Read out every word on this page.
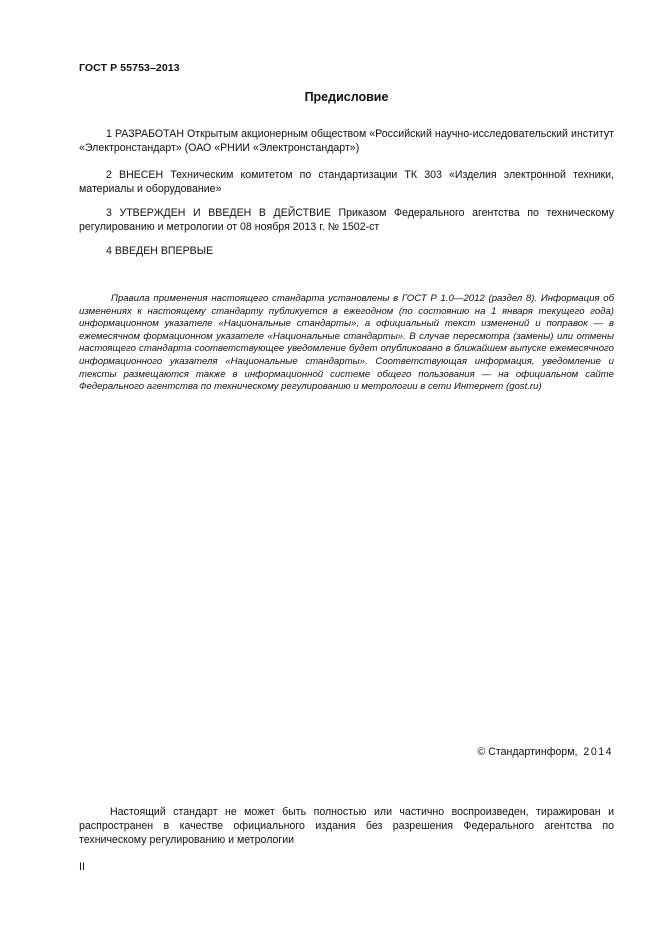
ГОСТ Р 55753–2013
Предисловие
1 РАЗРАБОТАН Открытым акционерным обществом «Российский научно-исследовательский институт «Электронстандарт» (ОАО «РНИИ «Электронстандарт»)
2 ВНЕСЕН Техническим комитетом по стандартизации ТК 303 «Изделия электронной техники, материалы и оборудование»
3 УТВЕРЖДЕН И ВВЕДЕН В ДЕЙСТВИЕ Приказом Федерального агентства по техническому регулированию и метрологии от 08 ноября 2013 г. № 1502-ст
4 ВВЕДЕН ВПЕРВЫЕ
Правила применения настоящего стандарта установлены в ГОСТ Р 1.0—2012 (раздел 8). Информация об изменениях к настоящему стандарту публикуется в ежегодном (по состоянию на 1 января текущего года) информационном указателе «Национальные стандарты», а официальный текст изменений и поправок — в ежемесячном формационном указателе «Национальные стандарты». В случае пересмотра (замены) или отмены настоящего стандарта соответствующее уведомление будет опубликовано в ближайшем выпуске ежемесячного информационного указателя «Национальные стандарты». Соответствующая информация, уведомление и тексты размещаются также в информационной системе общего пользования — на официальном сайте Федерального агентства по техническому регулированию и метрологии в сети Интернет (gost.ru)
© Стандартинформ, 2014
Настоящий стандарт не может быть полностью или частично воспроизведен, тиражирован и распространен в качестве официального издания без разрешения Федерального агентства по техническому регулированию и метрологии
II
